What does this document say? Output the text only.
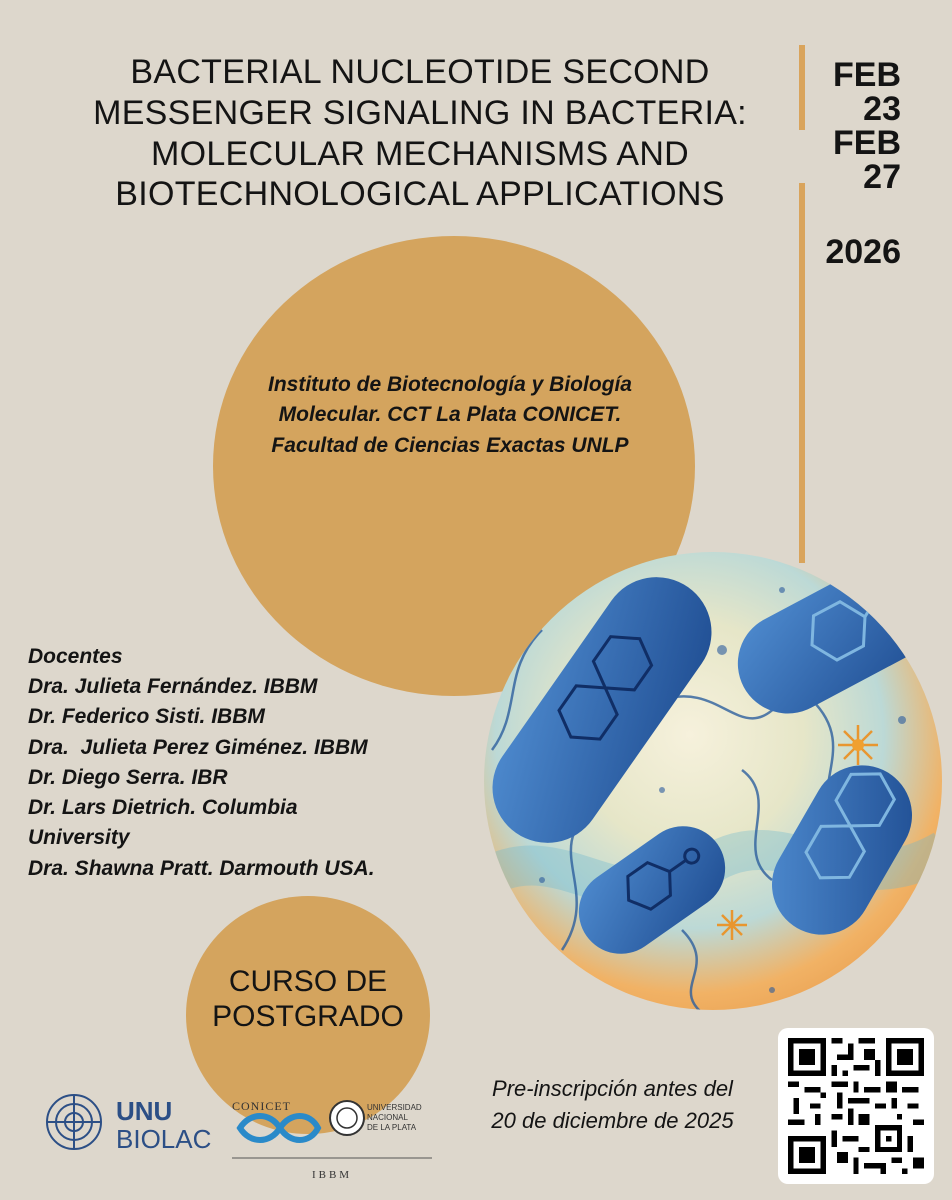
BACTERIAL NUCLEOTIDE SECOND
MESSENGER SIGNALING IN BACTERIA:
MOLECULAR MECHANISMS AND
BIOTECHNOLOGICAL APPLICATIONS
FEB
23
FEB
27
2026
Instituto de Biotecnología y Biología
Molecular. CCT La Plata CONICET.
Facultad de Ciencias Exactas UNLP
Docentes
Dra. Julieta Fernández. IBBM
Dr. Federico Sisti. IBBM
Dra.  Julieta Perez Giménez. IBBM
Dr. Diego Serra. IBR
Dr. Lars Dietrich. Columbia
University
Dra. Shawna Pratt. Darmouth USA.
CURSO DE
POSTGRADO
Pre-inscripción antes del
20 de diciembre de 2025
UNU
BIOLAC
CONICET	UNIVERSIDAD
NACIONAL
DE LA PLATA
IBBM
